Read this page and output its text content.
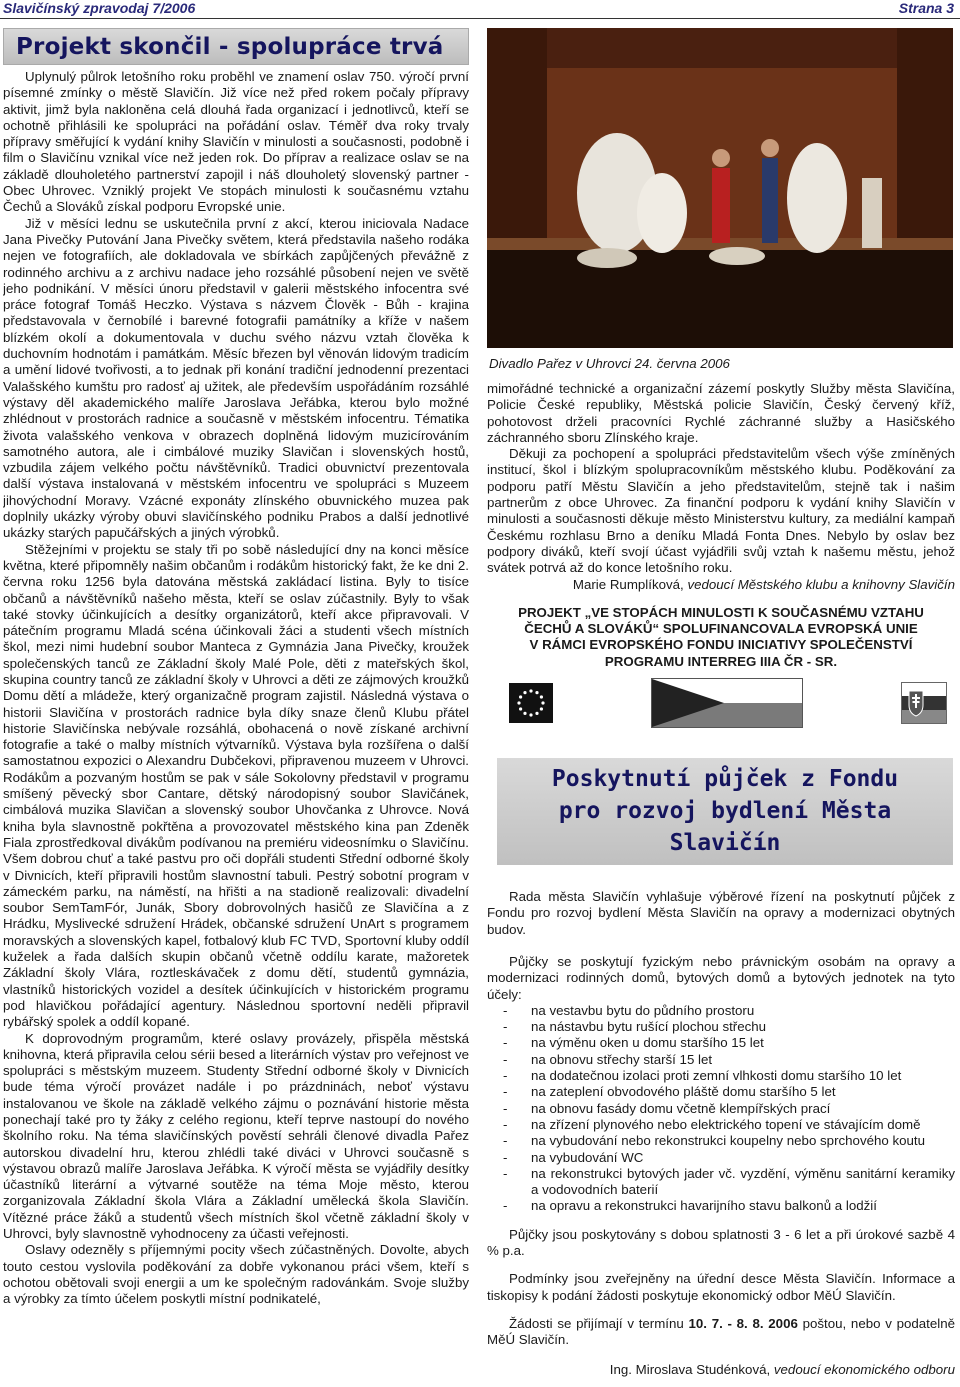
Slavičínský zpravodaj 7/2006	Strana 3
Projekt skončil - spolupráce trvá

Uplynulý půlrok letošního roku proběhl ve znamení oslav 750. výročí první písemné zmínky o městě Slavičín. Již více než před rokem počaly přípravy aktivit, jimž byla nakloněna celá dlouhá řada organizací i jednotlivců, kteří se ochotně přihlásili ke spolupráci na pořádání oslav. Téměř dva roky trvaly přípravy směřující k vydání knihy Slavičín v minulosti a současnosti, podobně i film o Slavičínu vznikal více než jeden rok. Do příprav a realizace oslav se na základě dlouholetého partnerství zapojil i náš dlouholetý slovenský partner - Obec Uhrovec. Vzniklý projekt Ve stopách minulosti k současnému vztahu Čechů a Slováků získal podporu Evropské unie.

Již v měsíci lednu se uskutečnila první z akcí, kterou iniciovala Nadace Jana Pivečky Putování Jana Pivečky světem, která představila našeho rodáka nejen ve fotografiích, ale dokladovala ve sbírkách zapůjčených převážně z rodinného archivu a z archivu nadace jeho rozsáhlé působení nejen ve světě jeho podnikání. V měsíci únoru představil v galerii městského infocentra své práce fotograf Tomáš Heczko. Výstava s názvem Člověk - Bůh - krajina představovala v černobílé i barevné fotografii památníky a kříže v našem blízkém okolí a dokumentovala v duchu svého názvu vztah člověka k duchovním hodnotám i památkám. Měsíc březen byl věnován lidovým tradicím a umění lidové tvořivosti, a to jednak při konání tradiční jednodenní prezentaci Valašského kumštu pro radosť aj užitek, ale především uspořádáním rozsáhlé výstavy děl akademického malíře Jaroslava Jeřábka, kterou bylo možné zhlédnout v prostorách radnice a současně v městském infocentru. Tématika života valašského venkova v obrazech doplněná lidovým muzicírováním samotného autora, ale i cimbálové muziky Slavičan i slovenských hostů, vzbudila zájem velkého počtu návštěvníků. Tradici obuvnictví prezentovala další výstava instalovaná v městském infocentru ve spolupráci s Muzeem jihovýchodní Moravy. Vzácné exponáty zlínského obuvnického muzea pak doplnily ukázky výroby obuvi slavičínského podniku Prabos a další jednotlivé ukázky starých papučářských a jiných výrobků.

Stěžejními v projektu se staly tři po sobě následující dny na konci měsíce května, které připomněly našim občanům i rodákům historický fakt, že ke dni 2. června roku 1256 byla datována městská zakládací listina. Byly to tisíce občanů a návštěvníků našeho města, kteří se oslav zúčastnily. Byly to však také stovky účinkujících a desítky organizátorů, kteří akce připravovali. V pátečním programu Mladá scéna účinkovali žáci a studenti všech místních škol, mezi nimi hudební soubor Manteca z Gymnázia Jana Pivečky, kroužek společenských tanců ze Základní školy Malé Pole, děti z mateřských škol, skupina country tanců ze základní školy v Uhrovci a děti ze zájmových kroužků Domu dětí a mládeže, který organizačně program zajistil. Následná výstava o historii Slavičína v prostorách radnice byla díky snaze členů Klubu přátel historie Slavičínska nebývale rozsáhlá, obohacená o nově získané archivní fotografie a také o malby místních výtvarníků. Výstava byla rozšířena o další samostatnou expozici o Alexandru Dubčekovi, připravenou muzeem v Uhrovci. Rodákům a pozvaným hostům se pak v sále Sokolovny představil v programu smíšený pěvecký sbor Cantare, dětský národopisný soubor Slavičánek, cimbálová muzika Slavičan a slovenský soubor Uhovčanka z Uhrovce. Nová kniha byla slavnostně pokřtěna a provozovatel městského kina pan Zdeněk Fiala zprostředkoval divákům podívanou na premiéru videosnímku o Slavičínu. Všem dobrou chuť a také pastvu pro oči dopřáli studenti Střední odborné školy v Divnicích, kteří připravili hostům slavnostní tabuli. Pestrý sobotní program v zámeckém parku, na náměstí, na hřišti a na stadioně realizovali: divadelní soubor SemTamFór, Junák, Sbory dobrovolných hasičů ze Slavičína a z Hrádku, Myslivecké sdružení Hrádek, občanské sdružení UnArt s programem moravských a slovenských kapel, fotbalový klub FC TVD, Sportovní kluby oddíl kuželek a řada dalších skupin občanů včetně oddílu karate, mažoretek Základní školy Vlára, roztleskávaček z domu dětí, studentů gymnázia, vlastníků historických vozidel a desítek účinkujících v historickém programu pod hlavičkou pořádající agentury. Následnou sportovní neděli připravil rybářský spolek a oddíl kopané.

K doprovodným programům, které oslavy provázely, přispěla městská knihovna, která připravila celou sérii besed a literárních výstav pro veřejnost ve spolupráci s městským muzeem. Studenty Střední odborné školy v Divnicích bude téma výročí provázet nadále i po prázdninách, neboť výstavu instalovanou ve škole na základě velkého zájmu o poznávání historie města ponechají také pro ty žáky z celého regionu, kteří teprve nastoupí do nového školního roku. Na téma slavičínských pověstí sehráli členové divadla Pařez autorskou divadelní hru, kterou zhlédli také diváci v Uhrovci současně s výstavou obrazů malíře Jaroslava Jeřábka. K výročí města se vyjádřily desítky účastníků literární a výtvarné soutěže na téma Moje město, kterou zorganizovala Základní škola Vlára a Základní umělecká škola Slavičín. Vítězné práce žáků a studentů všech místních škol včetně základní školy v Uhrovci, byly slavnostně vyhodnoceny za účasti veřejnosti.

Oslavy odezněly s příjemnými pocity všech zúčastněných. Dovolte, abych touto cestou vyslovila poděkování za dobře vykonanou práci všem, kteří s ochotou obětovali svoji energii a um ke společným radovánkám. Svoje služby a výrobky za tímto účelem poskytli místní podnikatelé,

Divadlo Pařez v Uhrovci 24. června 2006

mimořádné technické a organizační zázemí poskytly Služby města Slavičína, Policie České republiky, Městská policie Slavičín, Český červený kříž, pohotovost drželi pracovníci Rychlé záchranné služby a Hasičského záchranného sboru Zlínského kraje.

Děkuji za pochopení a spolupráci představitelům všech výše zmíněných institucí, škol i blízkým spolupracovníkům městského klubu. Poděkování za podporu patří Městu Slavičín a jeho představitelům, stejně tak i našim partnerům z obce Uhrovec. Za finanční podporu k vydání knihy Slavičín v minulosti a současnosti děkuje město Ministerstvu kultury, za mediální kampaň Českému rozhlasu Brno a deníku Mladá Fonta Dnes. Nebylo by oslav bez podpory diváků, kteří svojí účast vyjádřili svůj vztah k našemu městu, jehož svátek potrvá až do konce letošního roku.

Marie Rumplíková, vedoucí Městského klubu a knihovny Slavičín

PROJEKT „VE STOPÁCH MINULOSTI K SOUČASNÉMU VZTAHU
ČECHŮ A SLOVÁKŮ“ SPOLUFINANCOVALA EVROPSKÁ UNIE
V RÁMCI EVROPSKÉHO FONDU INICIATIVY SPOLEČENSTVÍ
PROGRAMU INTERREG IIIA ČR - SR.
Poskytnutí půjček z Fondu
pro rozvoj bydlení Města Slavičín

Rada města Slavičín vyhlašuje výběrové řízení na poskytnutí půjček z Fondu pro rozvoj bydlení Města Slavičín na opravy a modernizaci obytných budov.

Půjčky se poskytují fyzickým nebo právnickým osobám na opravy a modernizaci rodinných domů, bytových domů a bytových jednotek na tyto účely:

- na vestavbu bytu do půdního prostoru
- na nástavbu bytu rušící plochou střechu
- na výměnu oken u domu staršího 15 let
- na obnovu střechy starší 15 let
- na dodatečnou izolaci proti zemní vlhkosti domu staršího 10 let
- na zateplení obvodového pláště domu staršího 5 let
- na obnovu fasády domu včetně klempířských prací
- na zřízení plynového nebo elektrického topení ve stávajícím domě
- na vybudování nebo rekonstrukci koupelny nebo sprchového koutu
- na vybudování WC
- na rekonstrukci bytových jader vč. vyzdění, výměnu sanitární keramiky a vodovodních baterií
- na opravu a rekonstrukci havarijního stavu balkonů a lodžií

Půjčky jsou poskytovány s dobou splatnosti 3 - 6 let a při úrokové sazbě 4 % p.a.

Podmínky jsou zveřejněny na úřední desce Města Slavičín. Informace a tiskopisy k podání žádosti poskytuje ekonomický odbor MěÚ Slavičín.

Žádosti se přijímají v termínu 10. 7. - 8. 8. 2006 poštou, nebo v podatelně MěÚ Slavičín.

Ing. Miroslava Studénková, vedoucí ekonomického odboru
